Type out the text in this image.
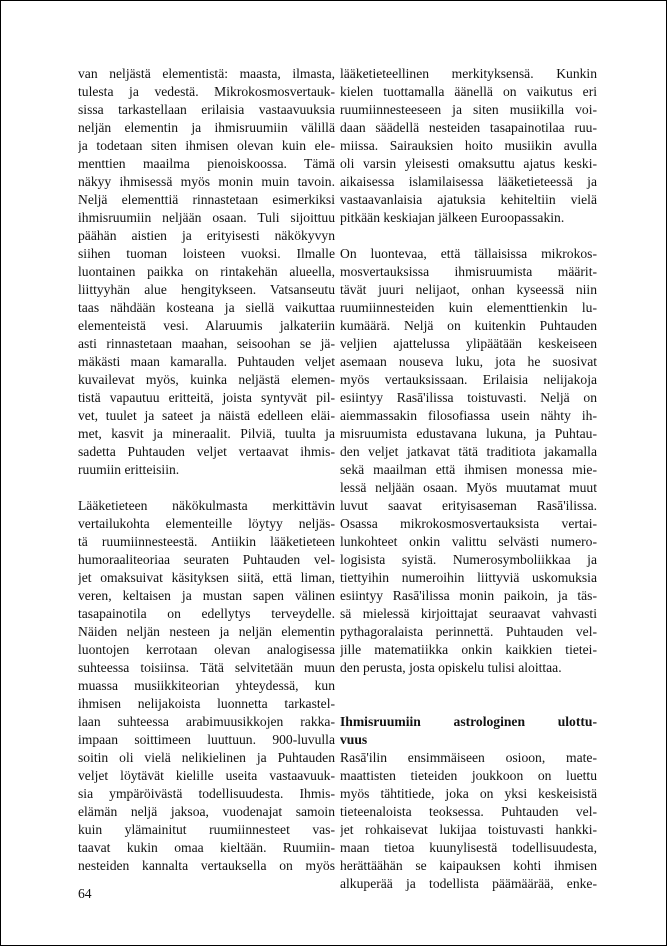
van neljästä elementistä: maasta, ilmasta,
tulesta ja vedestä. Mikrokosmosvertauk-
sissa tarkastellaan erilaisia vastaavuuksia
neljän elementin ja ihmisruumiin välillä
ja todetaan siten ihmisen olevan kuin ele-
menttien maailma pienoiskoossa. Tämä
näkyy ihmisessä myös monin muin tavoin.
Neljä elementtiä rinnastetaan esimerkiksi
ihmisruumiin neljään osaan. Tuli sijoittuu
päähän aistien ja erityisesti näkökyvyn
siihen tuoman loisteen vuoksi. Ilmalle
luontainen paikka on rintakehän alueella,
liittyyhän alue hengitykseen. Vatsanseutu
taas nähdään kosteana ja siellä vaikuttaa
elementeistä vesi. Alaruumis jalkateriin
asti rinnastetaan maahan, seisoohan se jä-
mäkästi maan kamaralla. Puhtauden veljet
kuvailevat myös, kuinka neljästä elemen-
tistä vapautuu eritteitä, joista syntyvät pil-
vet, tuulet ja sateet ja näistä edelleen eläi-
met, kasvit ja mineraalit. Pilviä, tuulta ja
sadetta Puhtauden veljet vertaavat ihmis-
ruumiin eritteisiin.
Lääketieteen näkökulmasta merkittävin
vertailukohta elementeille löytyy neljäs-
tä ruumiinnesteestä. Antiikin lääketieteen
humoraaliteoriaa seuraten Puhtauden vel-
jet omaksuivat käsityksen siitä, että liman,
veren, keltaisen ja mustan sapen välinen
tasapainotila on edellytys terveydelle.
Näiden neljän nesteen ja neljän elementin
luontojen kerrotaan olevan analogisessa
suhteessa toisiinsa. Tätä selvitetään muun
muassa musiikkiteorian yhteydessä, kun
ihmisen nelijakoista luonnetta tarkastel-
laan suhteessa arabimuusikkojen rakka-
impaan soittimeen luuttuun. 900-luvulla
soitin oli vielä nelikielinen ja Puhtauden
veljet löytävät kielille useita vastaavuuk-
sia ympäröivästä todellisuudesta. Ihmis-
elämän neljä jaksoa, vuodenajat samoin
kuin ylämainitut ruumiinnesteet vas-
taavat kukin omaa kieltään. Ruumiin-
nesteiden kannalta vertauksella on myös
lääketieteellinen merkityksensä. Kunkin
kielen tuottamalla äänellä on vaikutus eri
ruumiinnesteeseen ja siten musiikilla voi-
daan säädellä nesteiden tasapainotilaa ruu-
miissa. Sairauksien hoito musiikin avulla
oli varsin yleisesti omaksuttu ajatus keski-
aikaisessa islamilaisessa lääketieteessä ja
vastaavanlaisia ajatuksia kehiteltiin vielä
pitkään keskiajan jälkeen Euroopassakin.
On luontevaa, että tällaisissa mikrokos-
mosvertauksissa ihmisruumista määrit-
tävät juuri nelijaot, onhan kyseessä niin
ruumiinnesteiden kuin elementtienkin lu-
kumäärä. Neljä on kuitenkin Puhtauden
veljien ajattelussa ylipäätään keskeiseen
asemaan nouseva luku, jota he suosivat
myös vertauksissaan. Erilaisia nelijakoja
esiintyy Rasā'ilissa toistuvasti. Neljä on
aiemmassakin filosofiassa usein nähty ih-
misruumista edustavana lukuna, ja Puhtau-
den veljet jatkavat tätä traditiota jakamalla
sekä maailman että ihmisen monessa mie-
lessä neljään osaan. Myös muutamat muut
luvut saavat erityisaseman Rasā'ilissa.
Osassa mikrokosmosvertauksista vertai-
lunkohteet onkin valittu selvästi numero-
logisista syistä. Numerosymboliikkaa ja
tiettyihin numeroihin liittyviä uskomuksia
esiintyy Rasā'ilissa monin paikoin, ja täs-
sä mielessä kirjoittajat seuraavat vahvasti
pythagoralaista perinnettä. Puhtauden vel-
jille matematiikka onkin kaikkien tietei-
den perusta, josta opiskelu tulisi aloittaa.
Ihmisruumiin astrologinen ulottu-
vuus
Rasā'ilin ensimmäiseen osioon, mate-
maattisten tieteiden joukkoon on luettu
myös tähtitiede, joka on yksi keskeisistä
tieteenaloista teoksessa. Puhtauden vel-
jet rohkaisevat lukijaa toistuvasti hankki-
maan tietoa kuunylisestä todellisuudesta,
herättäähän se kaipauksen kohti ihmisen
alkuperää ja todellista päämäärää, enke-
64
